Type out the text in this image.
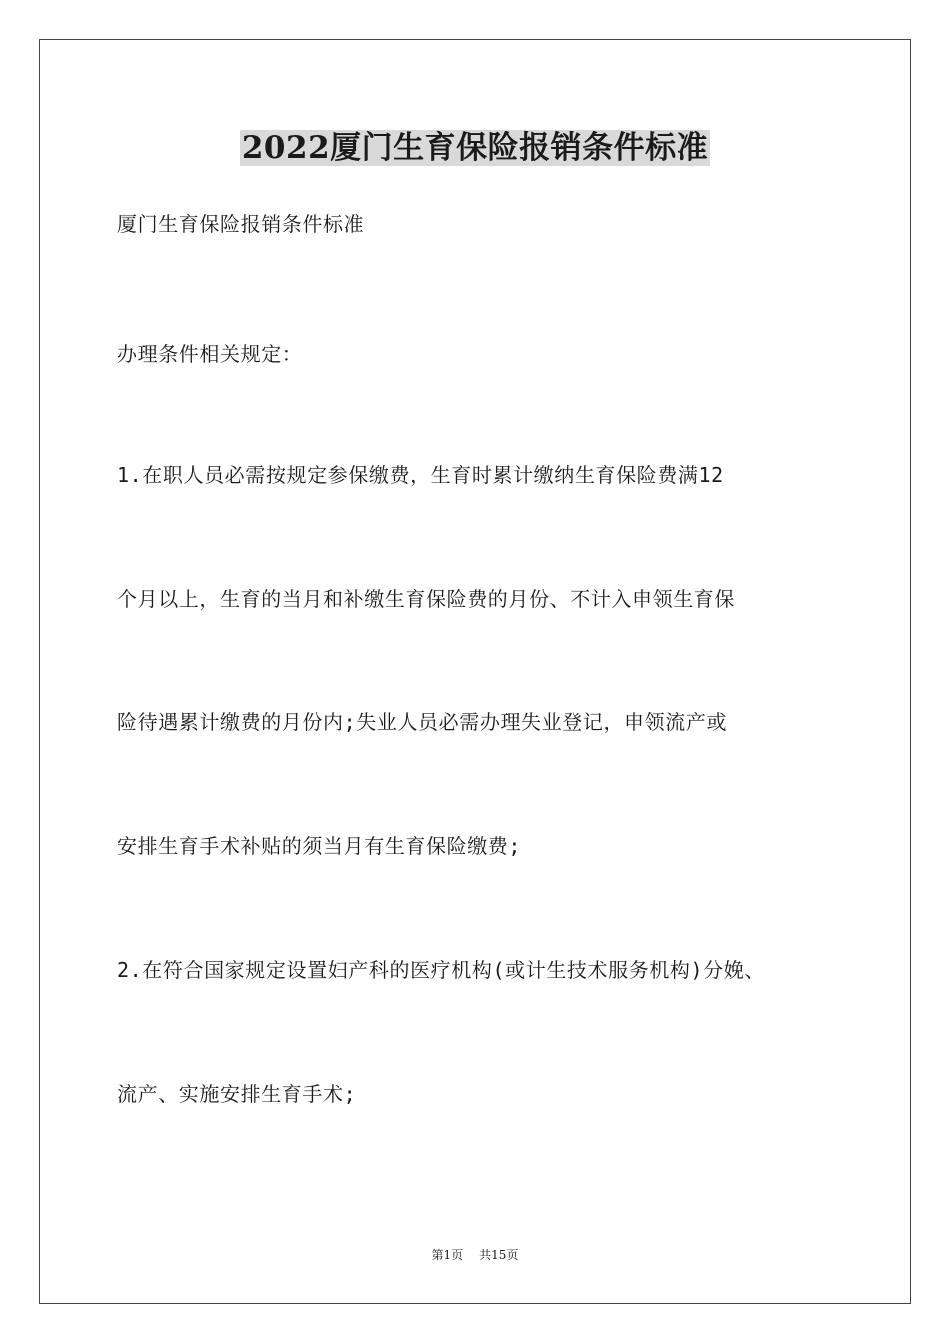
2022厦门生育保险报销条件标准
厦门生育保险报销条件标准
办理条件相关规定：
1.在职人员必需按规定参保缴费，生育时累计缴纳生育保险费满12
个月以上，生育的当月和补缴生育保险费的月份、不计入申领生育保
险待遇累计缴费的月份内;失业人员必需办理失业登记，申领流产或
安排生育手术补贴的须当月有生育保险缴费;
2.在符合国家规定设置妇产科的医疗机构(或计生技术服务机构)分娩、
流产、实施安排生育手术;
第1页 共15页
